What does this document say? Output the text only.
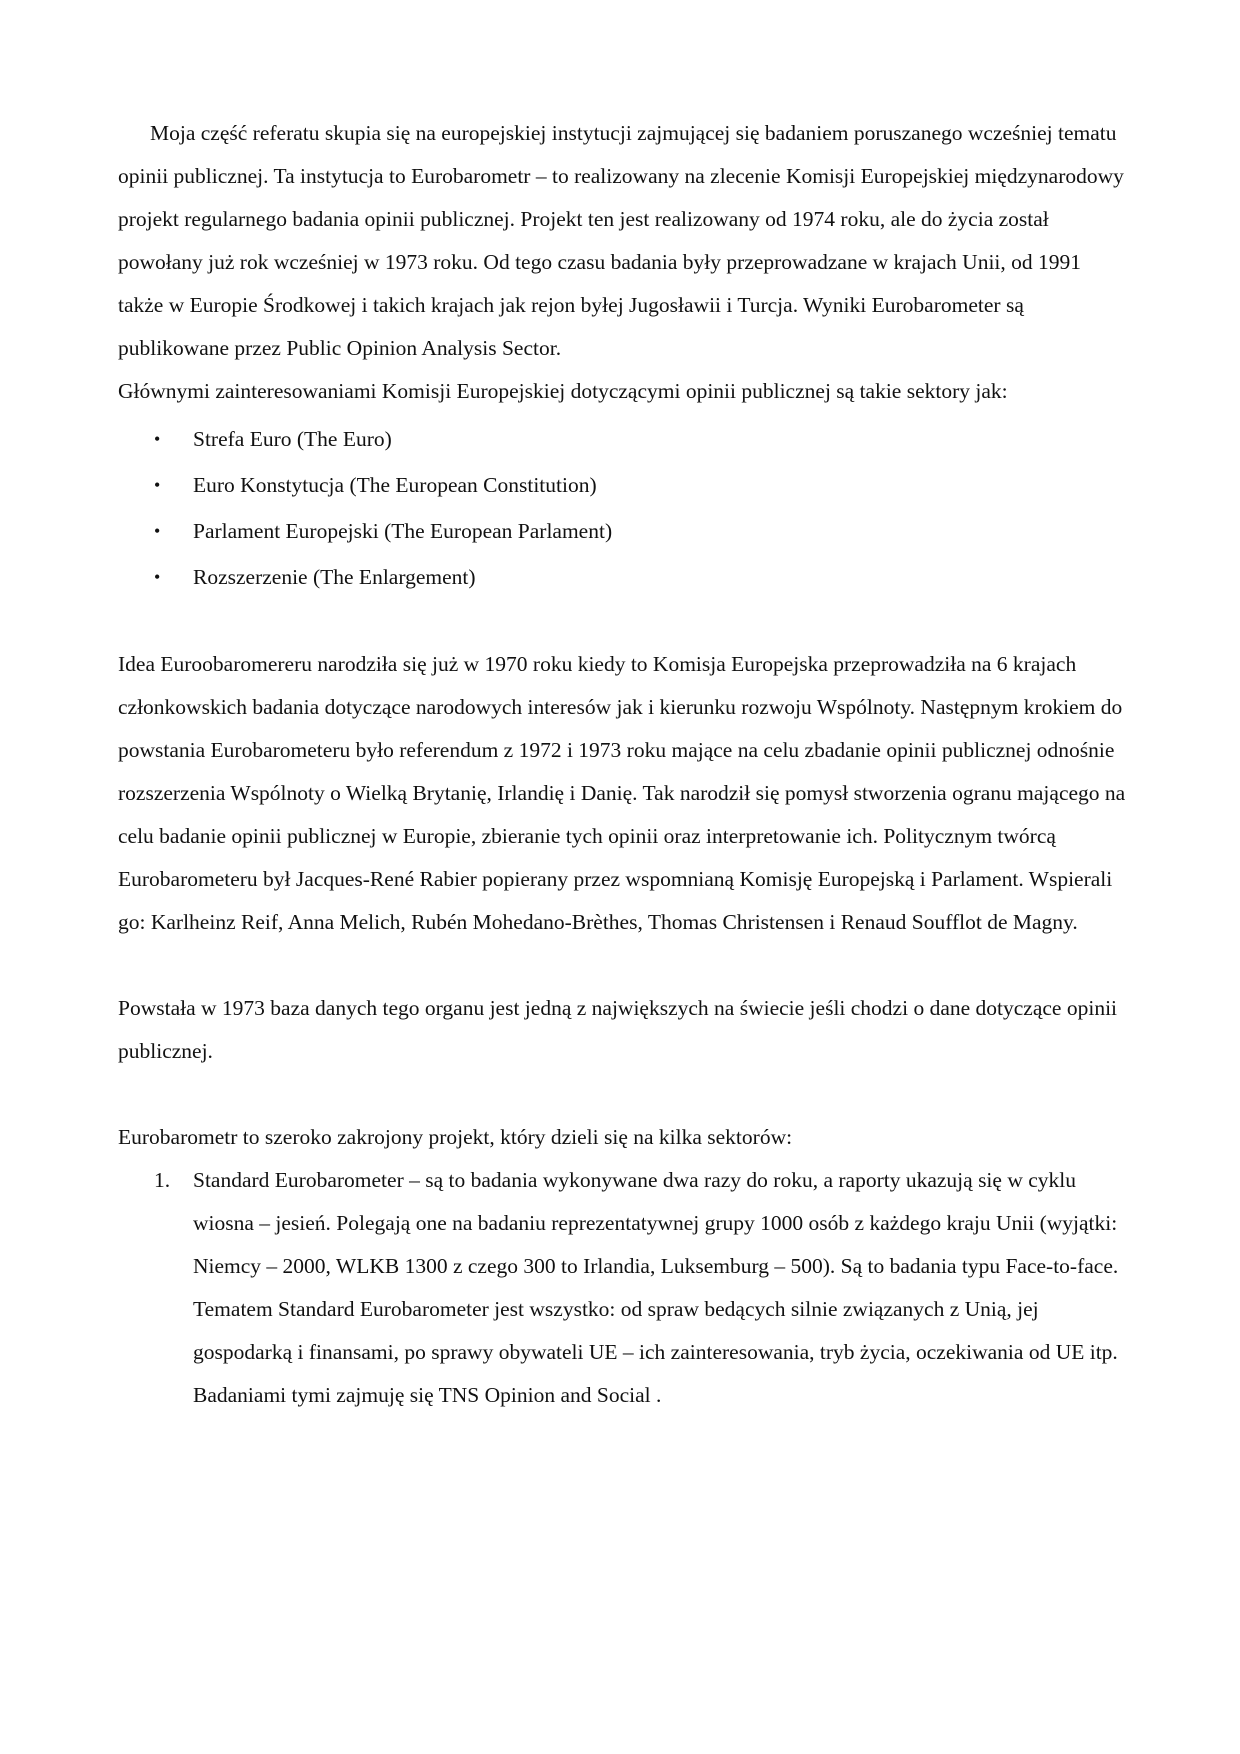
Moja część referatu skupia się na europejskiej instytucji zajmującej się badaniem poruszanego wcześniej tematu opinii publicznej. Ta instytucja to Eurobarometr – to realizowany na zlecenie Komisji Europejskiej międzynarodowy projekt regularnego badania opinii publicznej. Projekt ten jest realizowany od 1974 roku, ale do życia został powołany już rok wcześniej w 1973 roku. Od tego czasu badania były przeprowadzane w krajach Unii, od 1991 także w Europie Środkowej i takich krajach jak rejon byłej Jugosławii i Turcja. Wyniki Eurobarometer są publikowane przez Public Opinion Analysis Sector.

Głównymi zainteresowaniami Komisji Europejskiej dotyczącymi opinii publicznej są takie sektory jak:

• Strefa Euro (The Euro)
• Euro Konstytucja (The European Constitution)
• Parlament Europejski (The European Parlament)
• Rozszerzenie (The Enlargement)

Idea Euroobaromereru narodziła się już w 1970 roku kiedy to Komisja Europejska przeprowadziła na 6 krajach członkowskich badania dotyczące narodowych interesów jak i kierunku rozwoju Wspólnoty. Następnym krokiem do powstania Eurobarometeru było referendum z 1972 i 1973 roku mające na celu zbadanie opinii publicznej odnośnie rozszerzenia Wspólnoty o Wielką Brytanię, Irlandię i Danię. Tak narodził się pomysł stworzenia ogranu mającego na celu badanie opinii publicznej w Europie, zbieranie tych opinii oraz interpretowanie ich. Politycznym twórcą Eurobarometeru był Jacques-René Rabier popierany przez wspomnianą Komisję Europejską i Parlament. Wspierali go: Karlheinz Reif, Anna Melich, Rubén Mohedano-Brèthes, Thomas Christensen i Renaud Soufflot de Magny.

Powstała w 1973 baza danych tego organu jest jedną z największych na świecie jeśli chodzi o dane dotyczące opinii publicznej.

Eurobarometr to szeroko zakrojony projekt, który dzieli się na kilka sektorów:

1. Standard Eurobarometer – są to badania wykonywane dwa razy do roku, a raporty ukazują się w cyklu wiosna – jesień. Polegają one na badaniu reprezentatywnej grupy 1000 osób z każdego kraju Unii (wyjątki: Niemcy – 2000, WLKB 1300 z czego 300 to Irlandia, Luksemburg – 500). Są to badania typu Face-to-face. Tematem Standard Eurobarometer jest wszystko: od spraw bedących silnie związanych z Unią, jej gospodarką i finansami, po sprawy obywateli UE – ich zainteresowania, tryb życia, oczekiwania od UE itp. Badaniami tymi zajmuję się TNS Opinion and Social .
